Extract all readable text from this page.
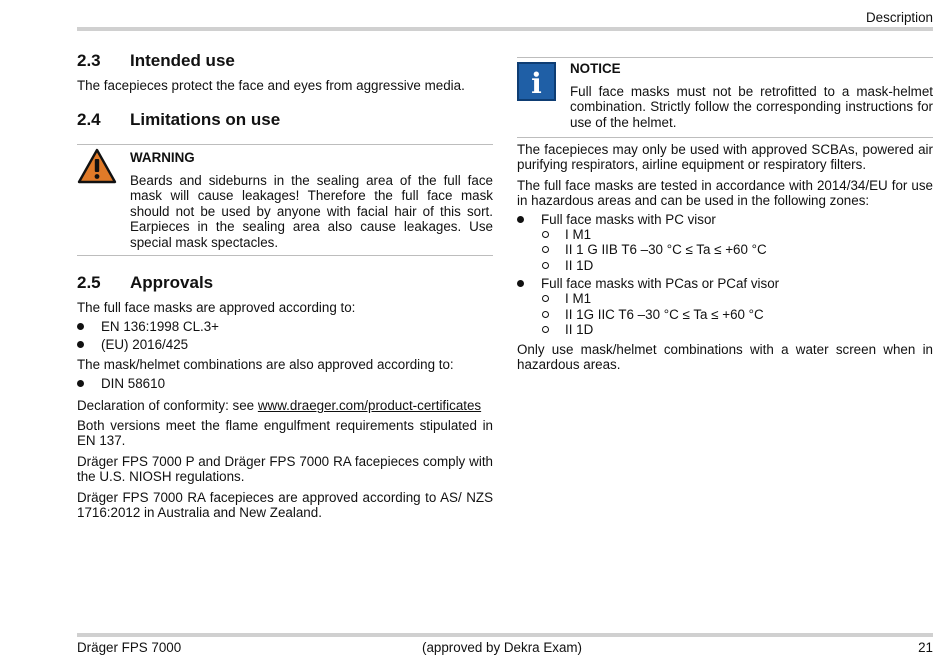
Description
2.3	Intended use

The facepieces protect the face and eyes from aggressive media.

2.4	Limitations on use
WARNING

Beards and sideburns in the sealing area of the full face mask will cause leakages! Therefore the full face mask should not be used by anyone with facial hair of this sort. Earpieces in the sealing area also cause leakages. Use special mask spectacles.

2.5	Approvals

The full face masks are approved according to:

EN 136:1998 CL.3+
(EU) 2016/425

The mask/helmet combinations are also approved according to:

DIN 58610

Declaration of conformity: see www.draeger.com/product-certificates

Both versions meet the flame engulfment requirements stipulated in EN 137.

Dräger FPS 7000 P and Dräger FPS 7000 RA facepieces comply with the U.S. NIOSH regulations.

Dräger FPS 7000 RA facepieces are approved according to AS/ NZS 1716:2012 in Australia and New Zealand.

i NOTICE

Full face masks must not be retrofitted to a mask-helmet combination. Strictly follow the corresponding instructions for use of the helmet.

The facepieces may only be used with approved SCBAs, powered air purifying respirators, airline equipment or respiratory filters.

The full face masks are tested in accordance with 2014/34/EU for use in hazardous areas and can be used in the following zones:

Full face masks with PC visor
I M1
II 1 G IIB T6 –30 °C ≤ Ta ≤ +60 °C
II 1D
Full face masks with PCas or PCaf visor
I M1
II 1G IIC T6 –30 °C ≤ Ta ≤ +60 °C
II 1D

Only use mask/helmet combinations with a water screen when in hazardous areas.

Dräger FPS 7000	(approved by Dekra Exam)	21
